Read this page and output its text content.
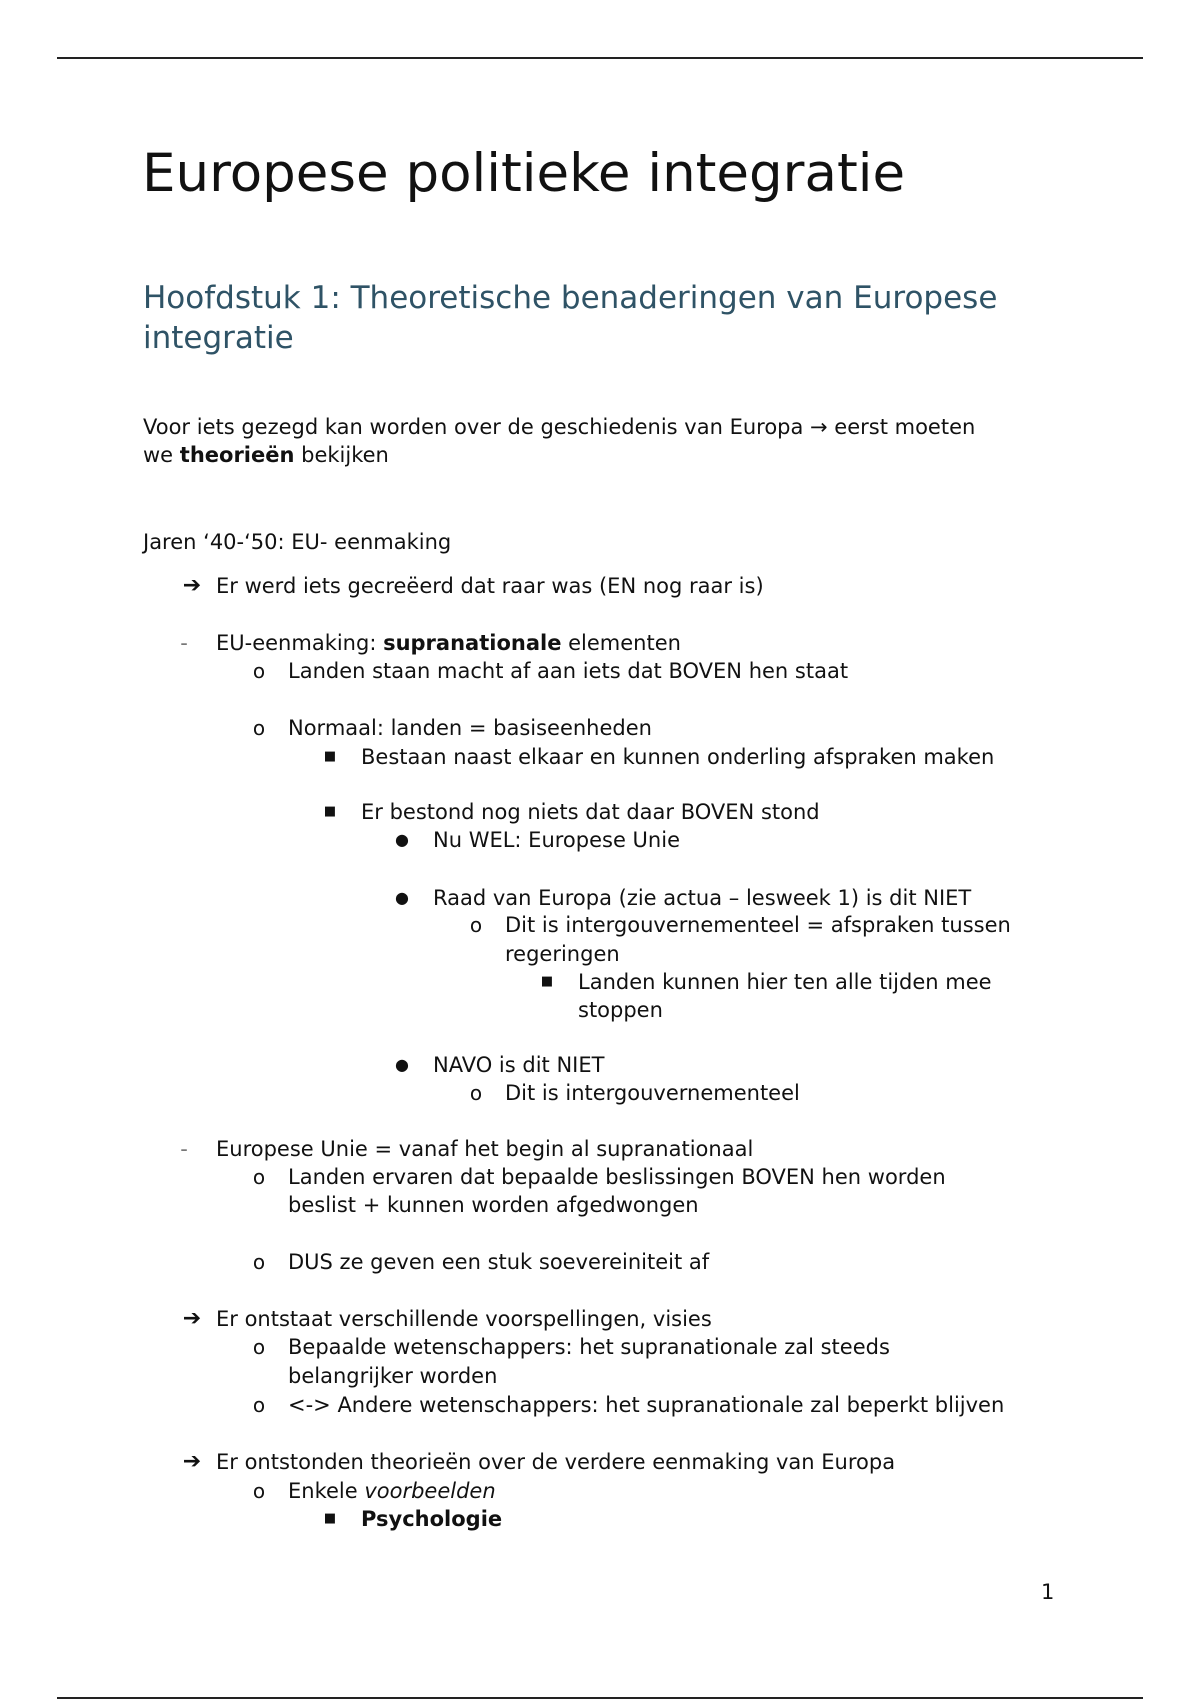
Europese politieke integratie
Hoofdstuk 1: Theoretische benaderingen van Europese
integratie
Voor iets gezegd kan worden over de geschiedenis van Europa → eerst moeten
we theorieën bekijken
Jaren ‘40-‘50: EU- eenmaking
➔ Er werd iets gecreëerd dat raar was (EN nog raar is)
-	EU-eenmaking: supranationale elementen
o Landen staan macht af aan iets dat BOVEN hen staat
o Normaal: landen = basiseenheden
■ Bestaan naast elkaar en kunnen onderling afspraken maken
■ Er bestond nog niets dat daar BOVEN stond
● Nu WEL: Europese Unie
● Raad van Europa (zie actua – lesweek 1) is dit NIET
o Dit is intergouvernementeel = afspraken tussen
regeringen
■ Landen kunnen hier ten alle tijden mee
stoppen
● NAVO is dit NIET
o Dit is intergouvernementeel
-	Europese Unie = vanaf het begin al supranationaal
o Landen ervaren dat bepaalde beslissingen BOVEN hen worden
beslist + kunnen worden afgedwongen
o DUS ze geven een stuk soevereiniteit af
➔ Er ontstaat verschillende voorspellingen, visies
o Bepaalde wetenschappers: het supranationale zal steeds
belangrijker worden
o <-> Andere wetenschappers: het supranationale zal beperkt blijven
➔ Er ontstonden theorieën over de verdere eenmaking van Europa
o Enkele voorbeelden
■ Psychologie
1
